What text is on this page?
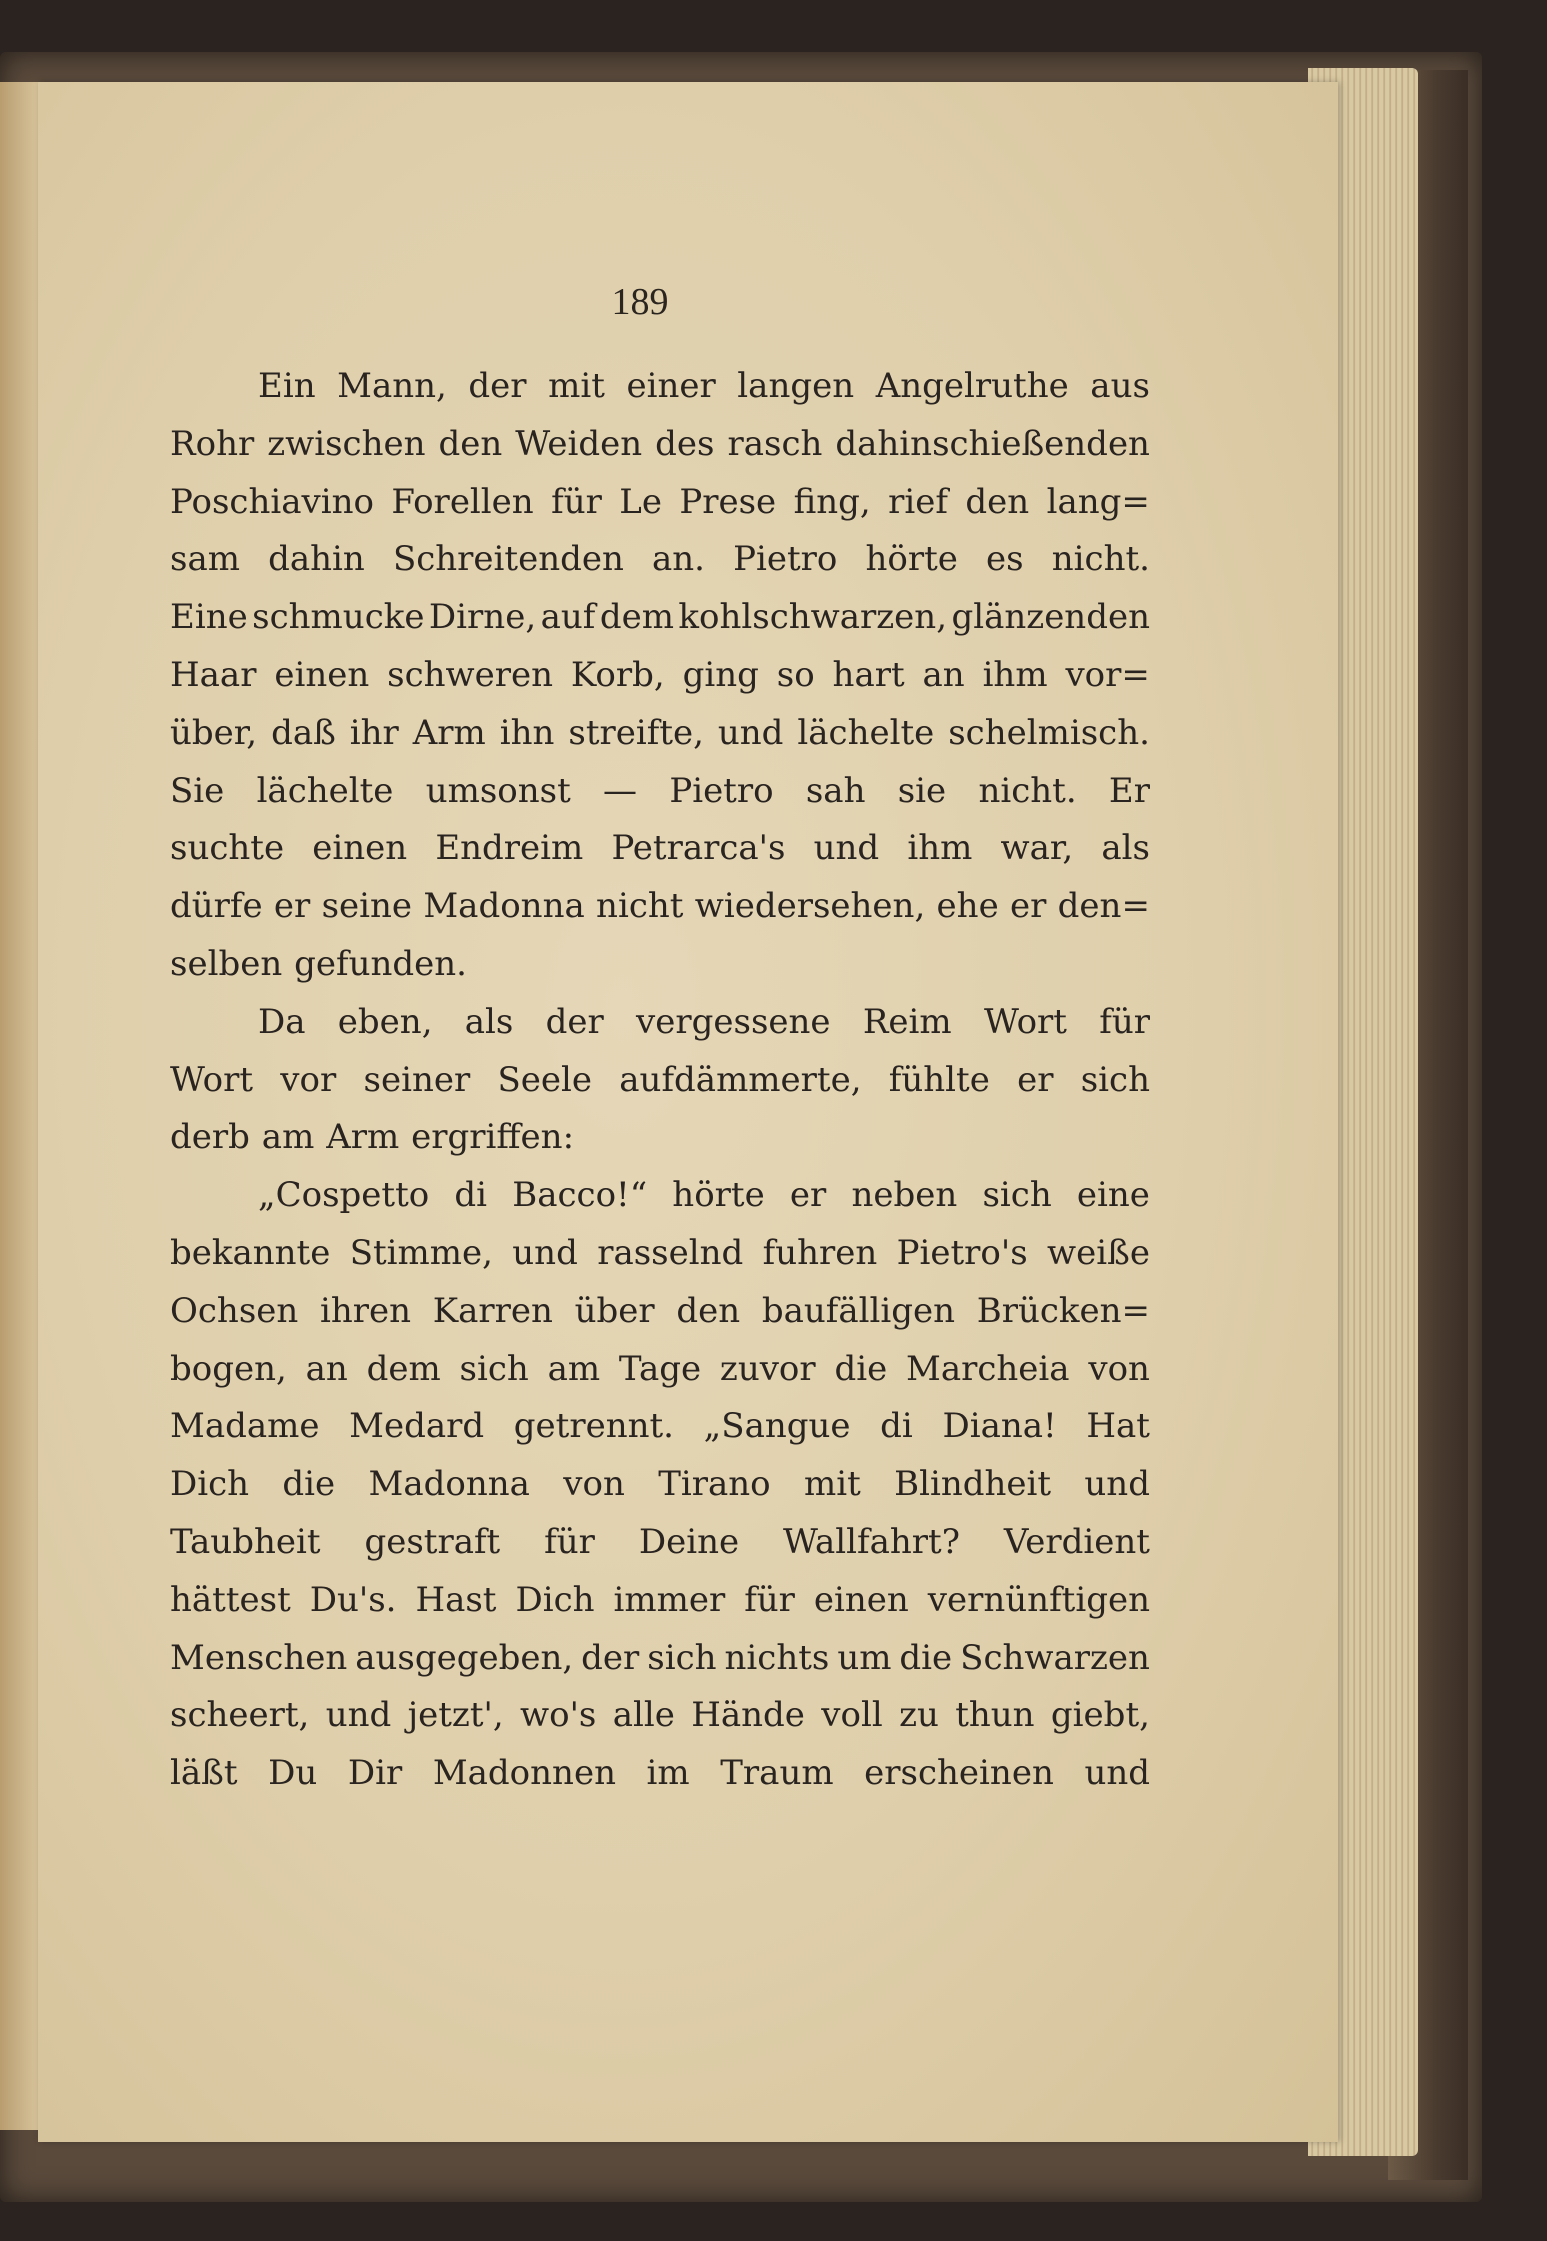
189
Ein Mann, der mit einer langen Angelruthe aus
Rohr zwischen den Weiden des rasch dahinschießenden
Poschiavino Forellen für Le Prese fing, rief den lang=
sam dahin Schreitenden an. Pietro hörte es nicht.
Eine schmucke Dirne, auf dem kohlschwarzen, glänzenden
Haar einen schweren Korb, ging so hart an ihm vor=
über, daß ihr Arm ihn streifte, und lächelte schelmisch.
Sie lächelte umsonst — Pietro sah sie nicht. Er
suchte einen Endreim Petrarca's und ihm war, als
dürfe er seine Madonna nicht wiedersehen, ehe er den=
selben gefunden.
Da eben, als der vergessene Reim Wort für
Wort vor seiner Seele aufdämmerte, fühlte er sich
derb am Arm ergriffen:
„Cospetto di Bacco!“ hörte er neben sich eine
bekannte Stimme, und rasselnd fuhren Pietro's weiße
Ochsen ihren Karren über den baufälligen Brücken=
bogen, an dem sich am Tage zuvor die Marcheia von
Madame Medard getrennt. „Sangue di Diana! Hat
Dich die Madonna von Tirano mit Blindheit und
Taubheit gestraft für Deine Wallfahrt? Verdient
hättest Du's. Hast Dich immer für einen vernünftigen
Menschen ausgegeben, der sich nichts um die Schwarzen
scheert, und jetzt', wo's alle Hände voll zu thun giebt,
läßt Du Dir Madonnen im Traum erscheinen und
